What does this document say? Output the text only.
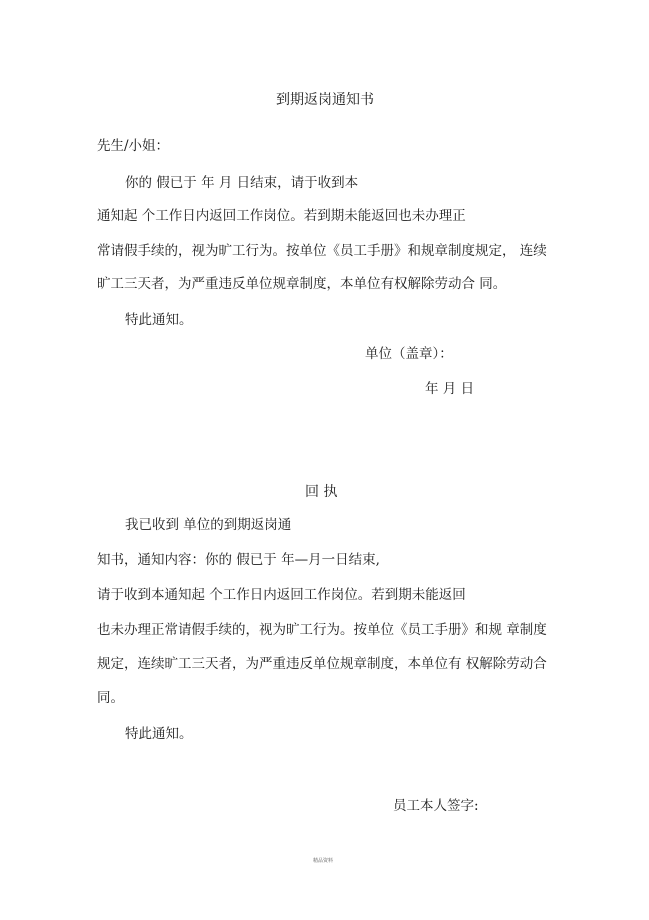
到期返岗通知书
先生/小姐：
你的 假已于 年 月 日结束，请于收到本
通知起 个工作日内返回工作岗位。若到期未能返回也未办理正
常请假手续的，视为旷工行为。按单位《员工手册》和规章制度规定， 连续
旷工三天者，为严重违反单位规章制度，本单位有权解除劳动合 同。
特此通知。
单位（盖章）：
年 月 日
回 执
我已收到 单位的到期返岗通
知书，通知内容：你的 假已于 年—月一日结束,
请于收到本通知起 个工作日内返回工作岗位。若到期未能返回
也未办理正常请假手续的，视为旷工行为。按单位《员工手册》和规 章制度
规定，连续旷工三天者，为严重违反单位规章制度，本单位有 权解除劳动合
同。
特此通知。
员工本人签字:
精品资料
